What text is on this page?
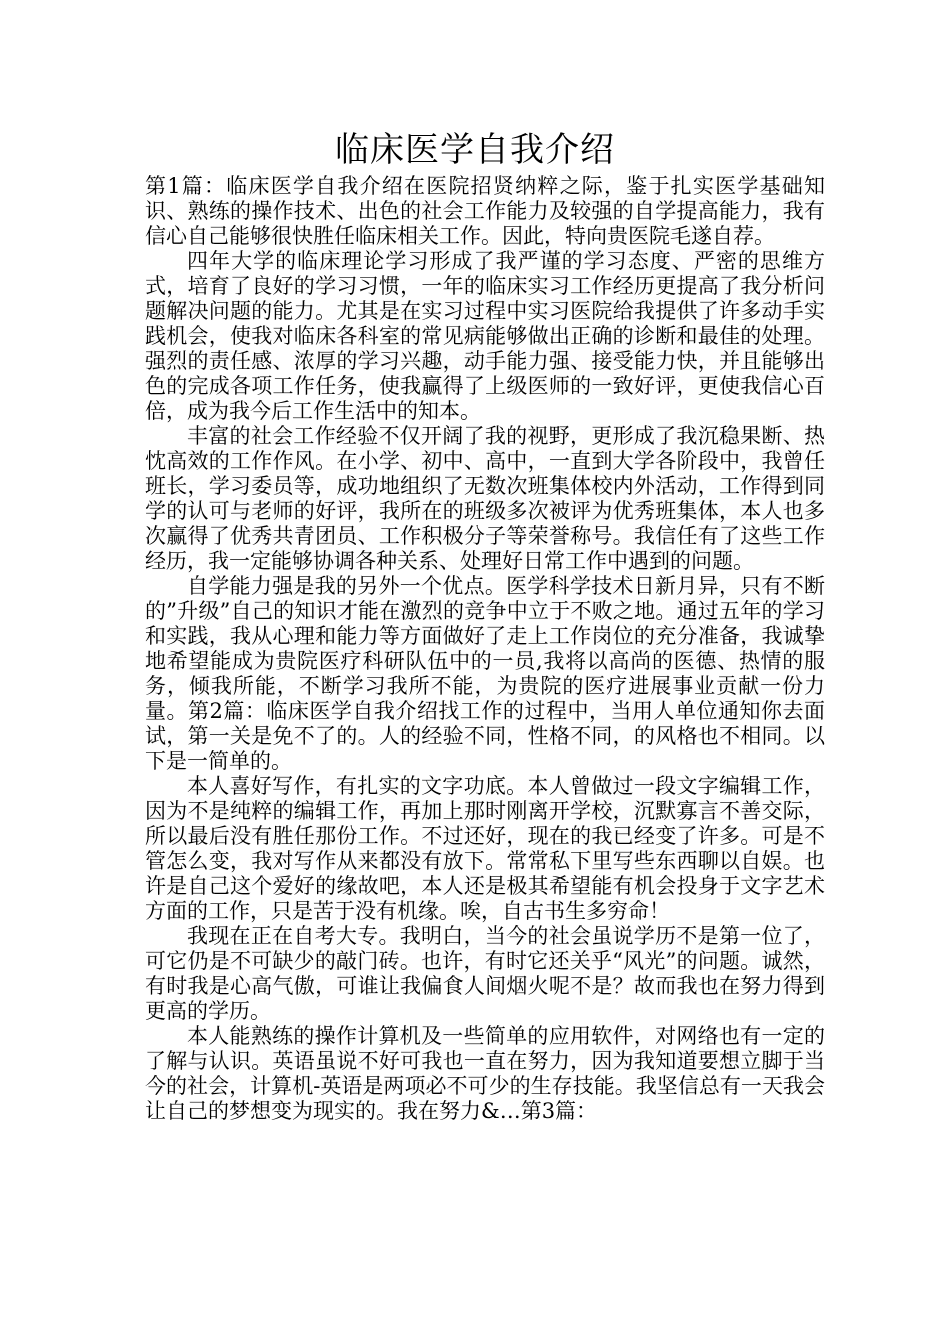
临床医学自我介绍

第1篇：临床医学自我介绍在医院招贤纳粹之际，鉴于扎实医学基础知识、熟练的操作技术、出色的社会工作能力及较强的自学提高能力，我有信心自己能够很快胜任临床相关工作。因此，特向贵医院毛遂自荐。

四年大学的临床理论学习形成了我严谨的学习态度、严密的思维方式，培育了良好的学习习惯，一年的临床实习工作经历更提高了我分析问题解决问题的能力。尤其是在实习过程中实习医院给我提供了许多动手实践机会，使我对临床各科室的常见病能够做出正确的诊断和最佳的处理。强烈的责任感、浓厚的学习兴趣，动手能力强、接受能力快，并且能够出色的完成各项工作任务，使我赢得了上级医师的一致好评，更使我信心百倍，成为我今后工作生活中的知本。

丰富的社会工作经验不仅开阔了我的视野，更形成了我沉稳果断、热忱高效的工作作风。在小学、初中、高中，一直到大学各阶段中，我曾任班长，学习委员等，成功地组织了无数次班集体校内外活动，工作得到同学的认可与老师的好评，我所在的班级多次被评为优秀班集体，本人也多次赢得了优秀共青团员、工作积极分子等荣誉称号。我信任有了这些工作经历，我一定能够协调各种关系、处理好日常工作中遇到的问题。

自学能力强是我的另外一个优点。医学科学技术日新月异，只有不断的”升级”自己的知识才能在激烈的竞争中立于不败之地。通过五年的学习和实践，我从心理和能力等方面做好了走上工作岗位的充分准备，我诚挚地希望能成为贵院医疗科研队伍中的一员,我将以高尚的医德、热情的服务，倾我所能，不断学习我所不能，为贵院的医疗进展事业贡献一份力量。第2篇：临床医学自我介绍找工作的过程中，当用人单位通知你去面试，第一关是免不了的。人的经验不同，性格不同，的风格也不相同。以下是一简单的。

本人喜好写作，有扎实的文字功底。本人曾做过一段文字编辑工作，因为不是纯粹的编辑工作，再加上那时刚离开学校，沉默寡言不善交际，所以最后没有胜任那份工作。不过还好，现在的我已经变了许多。可是不管怎么变，我对写作从来都没有放下。常常私下里写些东西聊以自娱。也许是自己这个爱好的缘故吧，本人还是极其希望能有机会投身于文字艺术方面的工作，只是苦于没有机缘。唉，自古书生多穷命！

我现在正在自考大专。我明白，当今的社会虽说学历不是第一位了，可它仍是不可缺少的敲门砖。也许，有时它还关乎“风光”的问题。诚然，有时我是心高气傲，可谁让我偏食人间烟火呢不是？故而我也在努力得到更高的学历。

本人能熟练的操作计算机及一些简单的应用软件，对网络也有一定的了解与认识。英语虽说不好可我也一直在努力，因为我知道要想立脚于当今的社会，计算机-英语是两项必不可少的生存技能。我坚信总有一天我会让自己的梦想变为现实的。我在努力&…第3篇：
